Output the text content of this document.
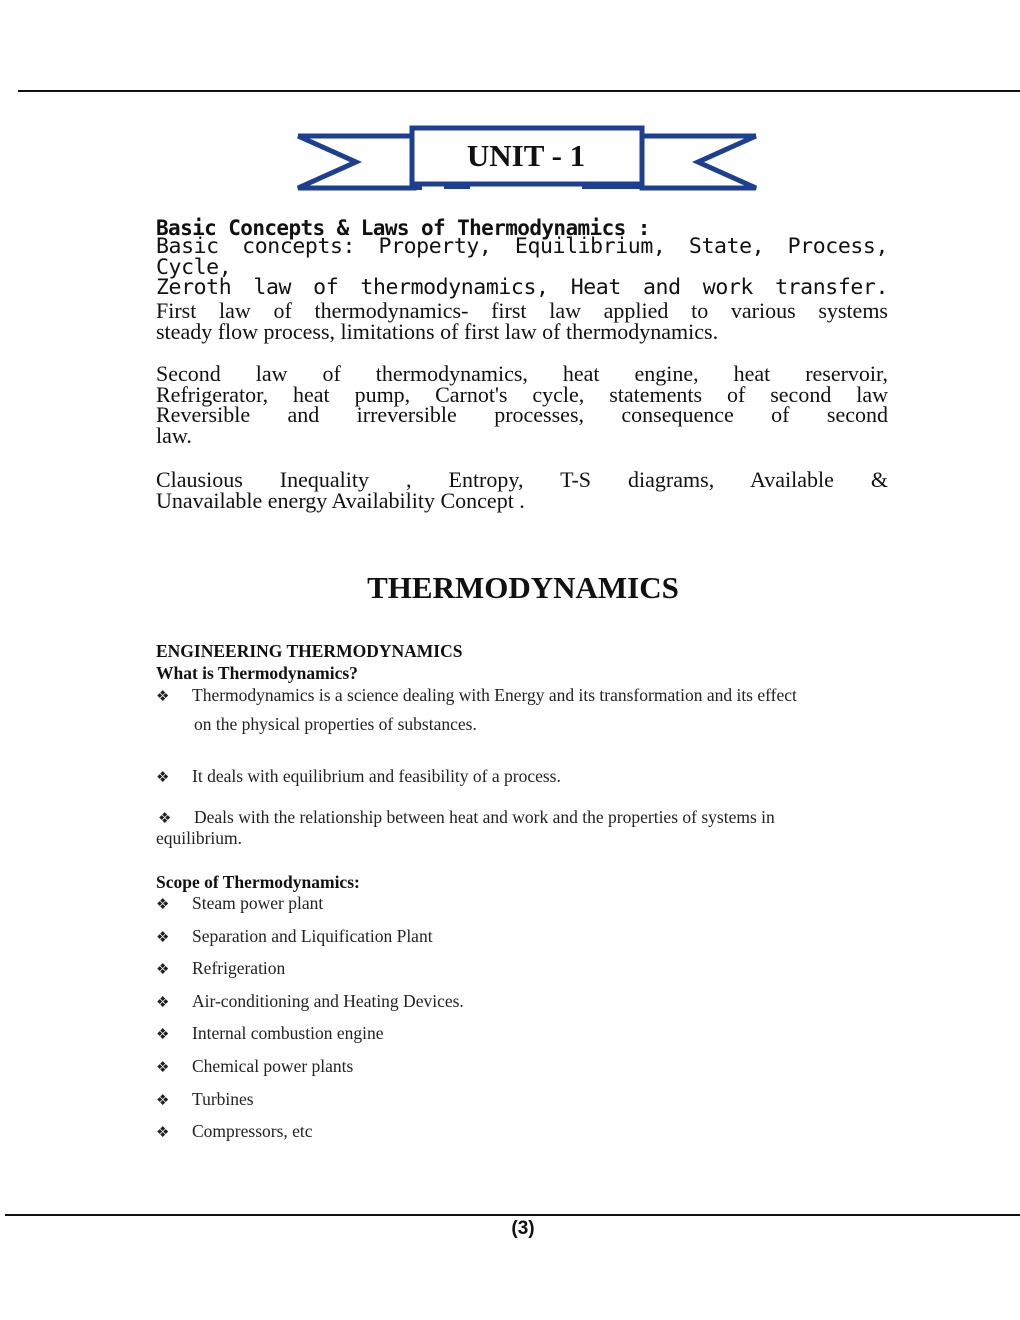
UNIT - 1
Basic Concepts & Laws of Thermodynamics :
Basic concepts: Property, Equilibrium, State, Process, Cycle,
Zeroth law of thermodynamics, Heat and work transfer.
First law of thermodynamics- first law applied to various systems

steady flow process, limitations of first law of thermodynamics.
Second law of thermodynamics, heat engine, heat reservoir,
Refrigerator, heat pump, Carnot's cycle, statements of second law
Reversible and irreversible processes, consequence of second

law.
Clausious Inequality , Entropy, T-S diagrams, Available &

Unavailable energy Availability Concept .
THERMODYNAMICS
ENGINEERING THERMODYNAMICS
What is Thermodynamics?
❖ Thermodynamics is a science dealing with Energy and its transformation and its effect
on the physical properties of substances.
❖ It deals with equilibrium and feasibility of a process.
❖ Deals with the relationship between heat and work and the properties of systems in
equilibrium.
Scope of Thermodynamics:
❖ Steam power plant
❖ Separation and Liquification Plant
❖ Refrigeration
❖ Air-conditioning and Heating Devices.
❖ Internal combustion engine
❖ Chemical power plants
❖ Turbines
❖ Compressors, etc
(3)
